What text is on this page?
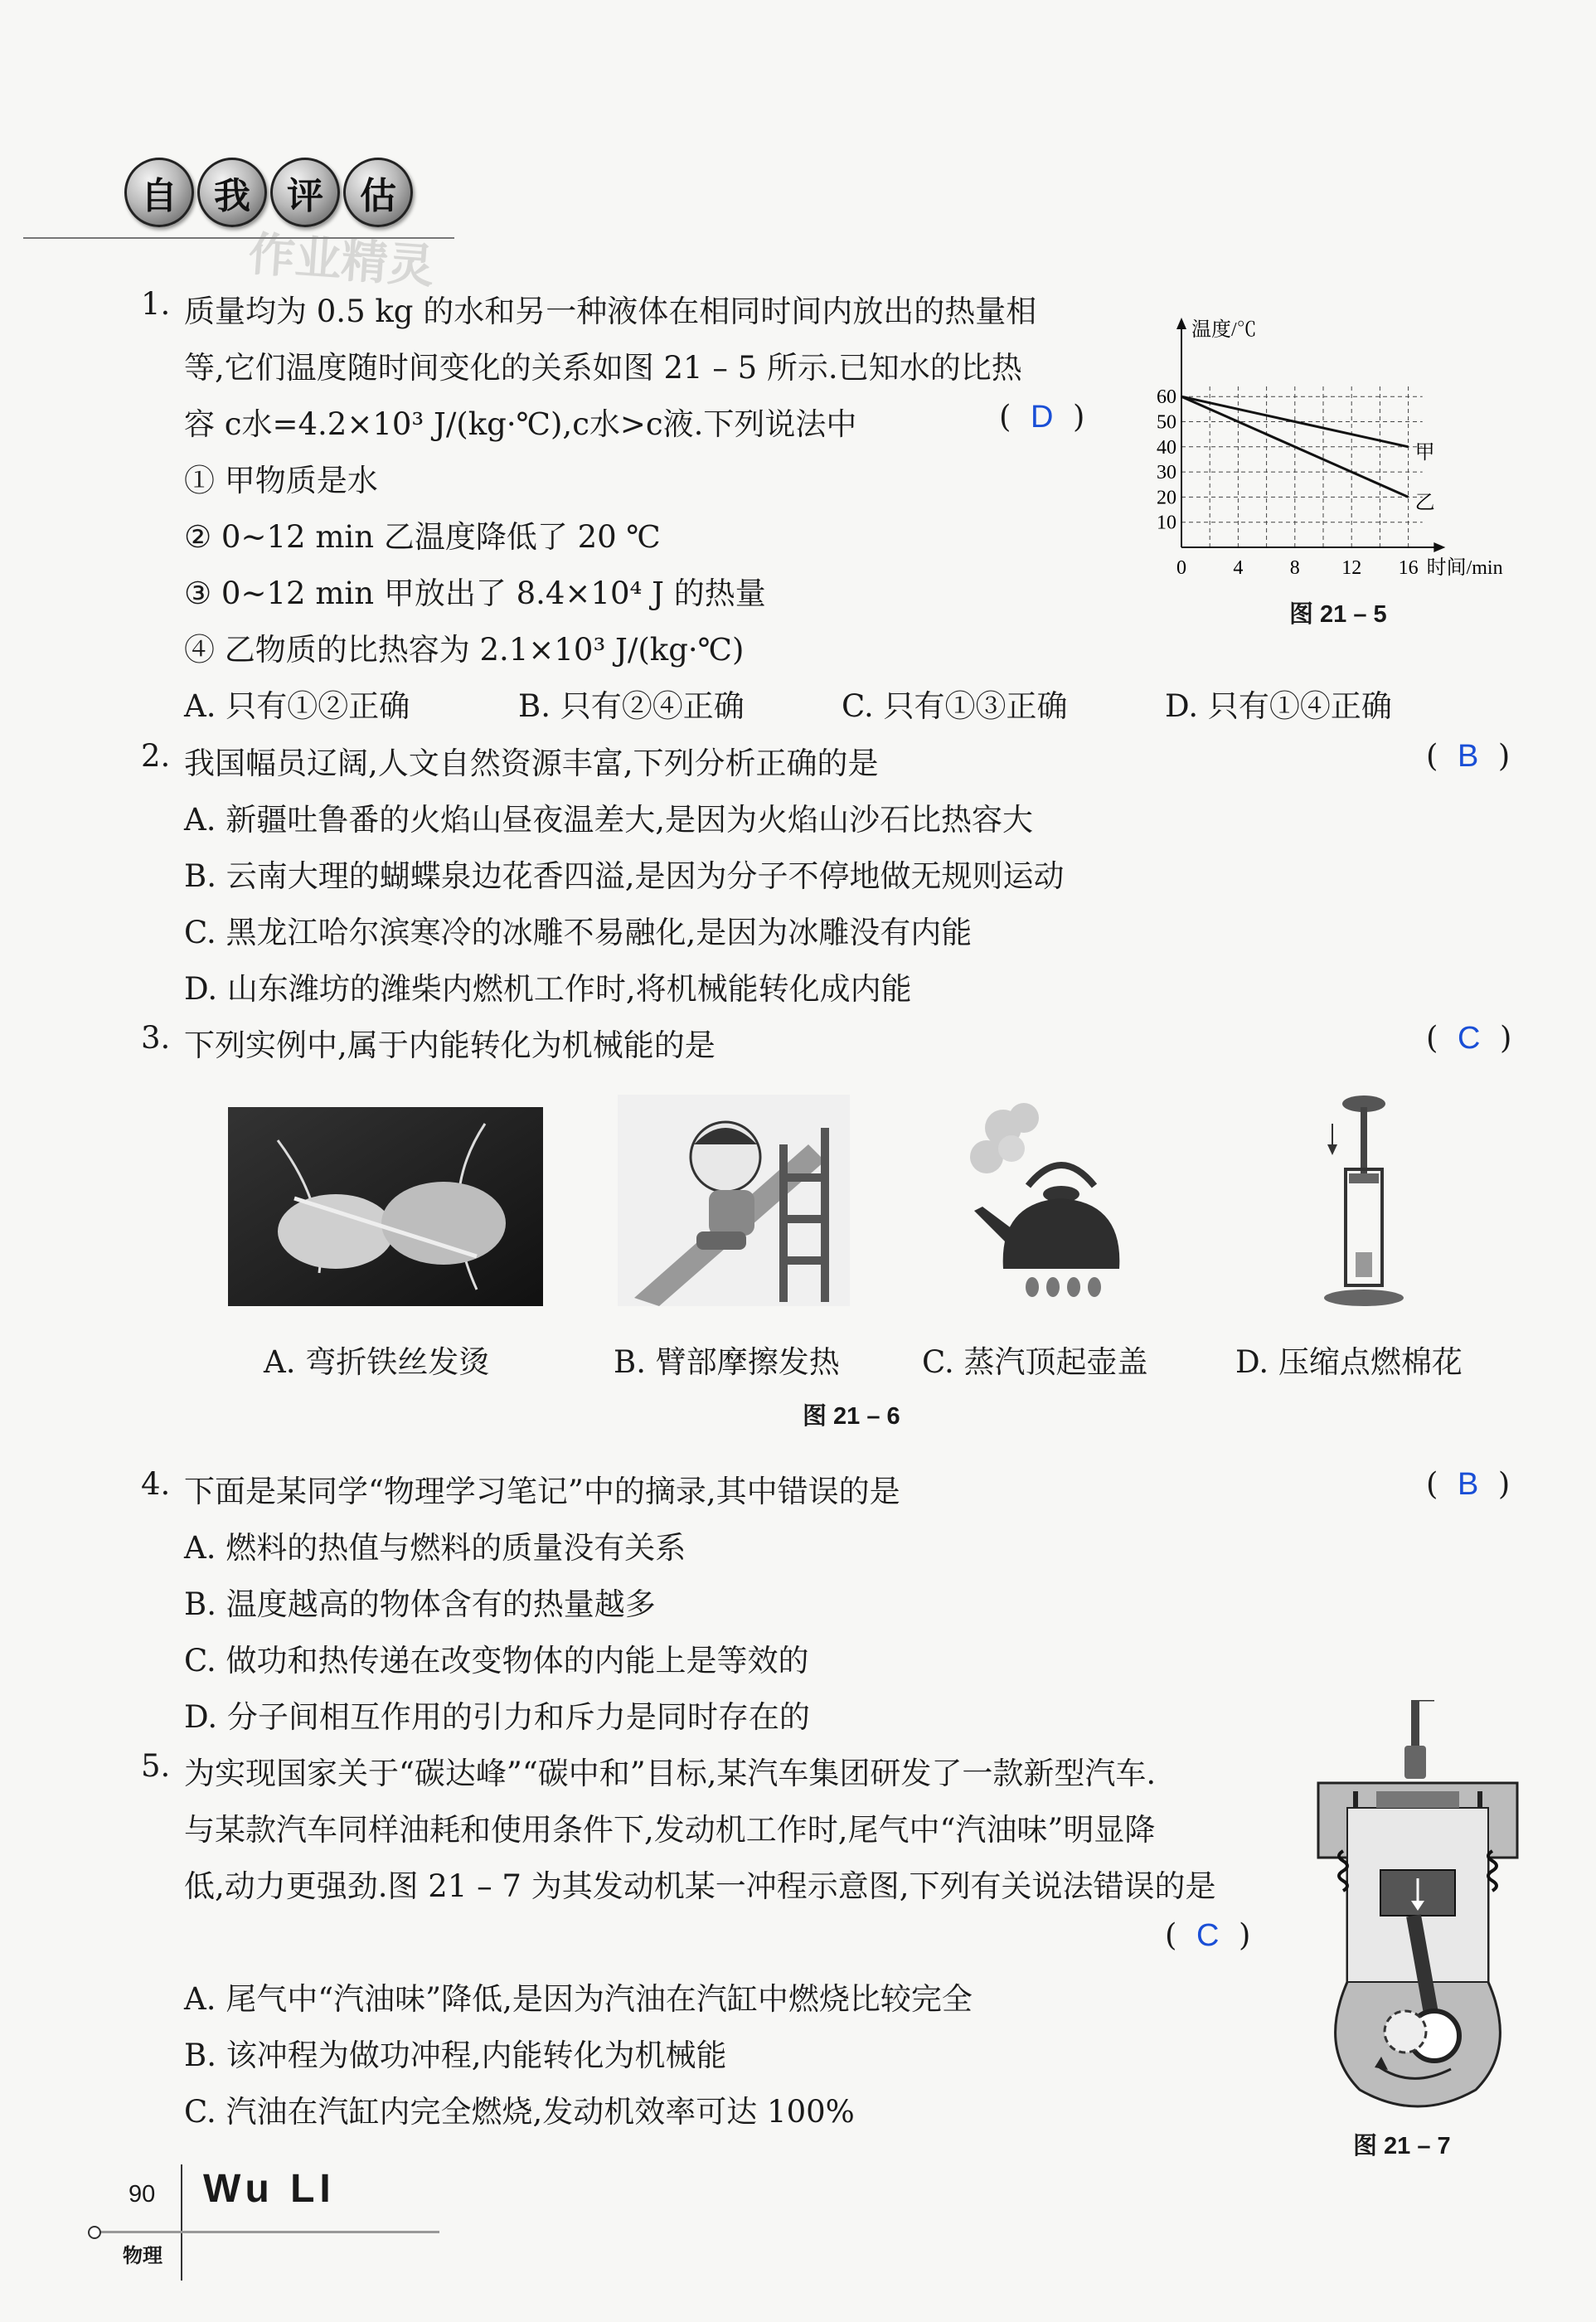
自	我	评	估
作业精灵
1. 质量均为 0.5 kg 的水和另一种液体在相同时间内放出的热量相
等,它们温度随时间变化的关系如图 21 – 5 所示.已知水的比热
容 c水=4.2×10³ J/(kg·℃),c水>c液.下列说法中	(  D  )
① 甲物质是水
② 0~12 min 乙温度降低了 20 ℃
③ 0~12 min 甲放出了 8.4×10⁴ J 的热量
④ 乙物质的比热容为 2.1×10³ J/(kg·℃)
A. 只有①②正确	B. 只有②④正确	C. 只有①③正确	D. 只有①④正确
10
20
30
40
50
60
0 4 8 12 16
温度/℃
时间/min
甲
乙
图 21 – 5
2. 我国幅员辽阔,人文自然资源丰富,下列分析正确的是	(  B  )
A. 新疆吐鲁番的火焰山昼夜温差大,是因为火焰山沙石比热容大
B. 云南大理的蝴蝶泉边花香四溢,是因为分子不停地做无规则运动
C. 黑龙江哈尔滨寒冷的冰雕不易融化,是因为冰雕没有内能
D. 山东潍坊的潍柴内燃机工作时,将机械能转化成内能
3. 下列实例中,属于内能转化为机械能的是	(  C  )
A. 弯折铁丝发烫	B. 臂部摩擦发热	C. 蒸汽顶起壶盖	D. 压缩点燃棉花
图 21 – 6
4. 下面是某同学“物理学习笔记”中的摘录,其中错误的是	(  B  )
A. 燃料的热值与燃料的质量没有关系
B. 温度越高的物体含有的热量越多
C. 做功和热传递在改变物体的内能上是等效的
D. 分子间相互作用的引力和斥力是同时存在的
5. 为实现国家关于“碳达峰”“碳中和”目标,某汽车集团研发了一款新型汽车.
与某款汽车同样油耗和使用条件下,发动机工作时,尾气中“汽油味”明显降
低,动力更强劲.图 21 – 7 为其发动机某一冲程示意图,下列有关说法错误的是
(  C  )
A. 尾气中“汽油味”降低,是因为汽油在汽缸中燃烧比较完全
B. 该冲程为做功冲程,内能转化为机械能
C. 汽油在汽缸内完全燃烧,发动机效率可达 100%
图 21 – 7
90 Wu LI
物理
